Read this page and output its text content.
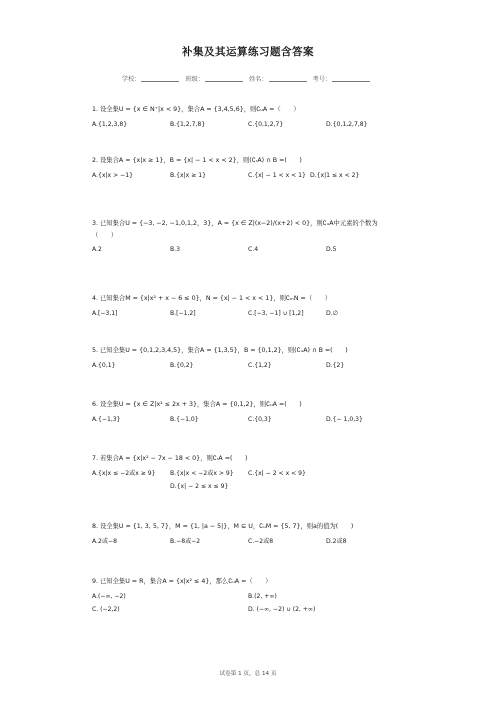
补集及其运算练习题含答案
学校：	班级：	姓名：	考号：
1. 设全集U = {x ∈ N⁺|x < 9}，集合A = {3,4,5,6}，则∁ᵤA =（　　）
A.{1,2,3,8}	B.{1,2,7,8}	C.{0,1,2,7}	D.{0,1,2,7,8}
2. 设集合A = {x|x ≥ 1}，B = {x| − 1 < x < 2}，则(∁ᵣA) ∩ B =(　　)
A.{x|x > −1}	B.{x|x ≥ 1}	C.{x| − 1 < x < 1} D.{x|1 ≤ x < 2}
3. 已知集合U = {−3, −2, −1,0,1,2，3}，A = {x ∈ Z|(x−2)/(x+2) < 0}，则∁ᵤA中元素的个数为
（　　）
A.2	B.3	C.4	D.5
4. 已知集合M = {x|x² + x − 6 ≤ 0}，N = {x| − 1 < x < 1}，则∁ₘN =（　　）
A.[−3,1]	B.[−1,2]	C.[−3, −1] ∪ [1,2]	D.∅
5. 已知全集U = {0,1,2,3,4,5}，集合A = {1,3,5}，B = {0,1,2}，则(∁ᵤA) ∩ B =(　　)
A.{0,1}	B.{0,2}	C.{1,2}	D.{2}
6. 设全集U = {x ∈ Z|x² ≤ 2x + 3}，集合A = {0,1,2}，则∁ᵤA =(　　)
A.{−1,3}	B.{−1,0}	C.{0,3}	D.{− 1,0,3}
7. 若集合A = {x|x² − 7x − 18 < 0}，则∁ᵣA =(　　)
A.{x|x ≤ −2或x ≥ 9} B.{x|x < −2或x > 9} C.{x| − 2 < x < 9}
D.{x| − 2 ≤ x ≤ 9}
8. 设全集U = {1, 3, 5, 7}，M = {1, |a − 5|}，M ⊆ U，∁ᵤM = {5, 7}，则a的值为(　　)
A.2或−8	B.−8或−2	C.−2或8	D.2或8
9. 已知全集U = R，集合A = {x|x² ≤ 4}，那么∁ᵤA =（　　）
A.(−∞, −2)	B.(2, +∞)
C. (−2,2)	D. (−∞, −2) ∪ (2, +∞)
试卷第 1 页，总 14 页
